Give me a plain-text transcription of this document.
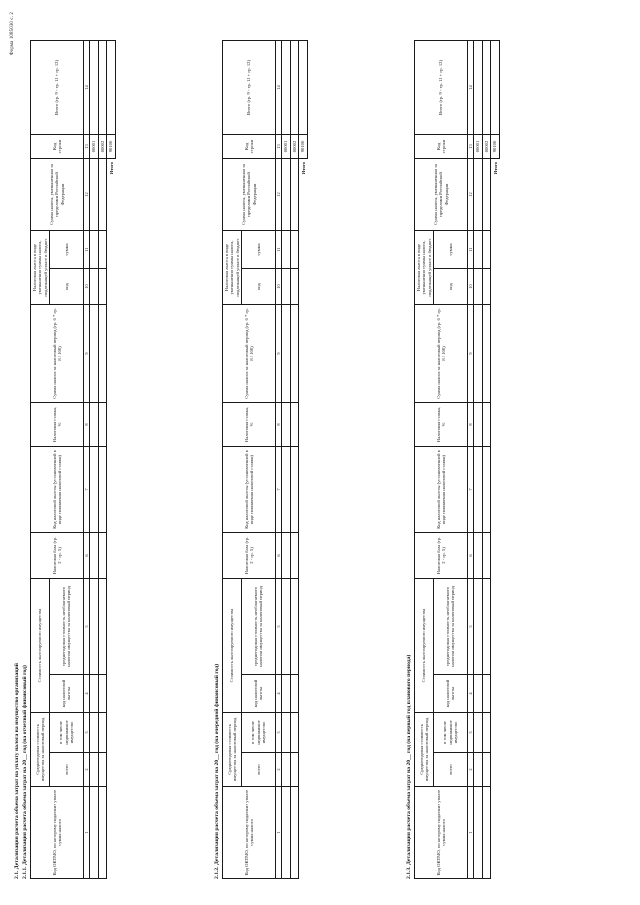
Форма 1085030 с. 2
2.1. Детализация расчета объема затрат на уплату налога на имущество организаций 2.1.1. Детализация расчета объема затрат на 20__ год (на отчетный финансовый год)	Код ОКТМО, по которому подлежит уплате сумма налога	Среднегодовая стоимость имущества за налоговый период		Стоимость льготируемого имущества		Налоговая база (гр. 2 - гр. 5)	Код налоговой льготы (установленной в виде понижения налоговой ставки)	Налоговая ставка, %	Сумма налога за налоговый период (гр. 6 * гр. 8 / 100)	Налоговая льгота в виде уменьшения суммы налога, подлежащей уплате в бюджет		Сумма налога, уменьшенная за пределами Российской Федерации	Код строки	Всего (гр. 9 - гр. 11 + гр. 12)
	всего	в том числе недвижимое имущество	код налоговой льготы	среднегодовая стоимость необлагаемого налогом имущества за налоговый период					код	сумма			
1	2	3	4	5	6	7	8	9	10	11	12	13	14
												00001	
												00002	
											Итого	90100	
2.1.2. Детализация расчета объема затрат на 20__ год (на очередной финансовый год)	Код ОКТМО, по которому подлежит уплате сумма налога	Среднегодовая стоимость имущества за налоговый период		Стоимость льготируемого имущества		Налоговая база (гр. 2 - гр. 5)	Код налоговой льготы (установленной в виде понижения налоговой ставки)	Налоговая ставка, %	Сумма налога за налоговый период (гр. 6 * гр. 8 / 100)	Налоговая льгота в виде уменьшения суммы налога, подлежащей уплате в бюджет		Сумма налога, уменьшенная за пределами Российской Федерации	Код строки	Всего (гр. 9 - гр. 11 + гр. 12)
	всего	в том числе недвижимое имущество	код налоговой льготы	среднегодовая стоимость необлагаемого налогом имущества за налоговый период					код	сумма			
1	2	3	4	5	6	7	8	9	10	11	12	13	14
												00001	
												00002	
											Итого	90100	
2.1.3. Детализация расчета объема затрат на 20__ год (на первый год планового периода)	Код ОКТМО, по которому подлежит уплате сумма налога	Среднегодовая стоимость имущества за налоговый период		Стоимость льготируемого имущества		Налоговая база (гр. 2 - гр. 5)	Код налоговой льготы (установленной в виде понижения налоговой ставки)	Налоговая ставка, %	Сумма налога за налоговый период (гр. 6 * гр. 8 / 100)	Налоговая льгота в виде уменьшения суммы налога, подлежащей уплате в бюджет		Сумма налога, уменьшенная за пределами Российской Федерации	Код строки	Всего (гр. 9 - гр. 11 + гр. 12)
	всего	в том числе недвижимое имущество	код налоговой льготы	среднегодовая стоимость необлагаемого налогом имущества за налоговый период					код	сумма			
1	2	3	4	5	6	7	8	9	10	11	12	13	14
												00001	
												00002	
											Итого	90100	
